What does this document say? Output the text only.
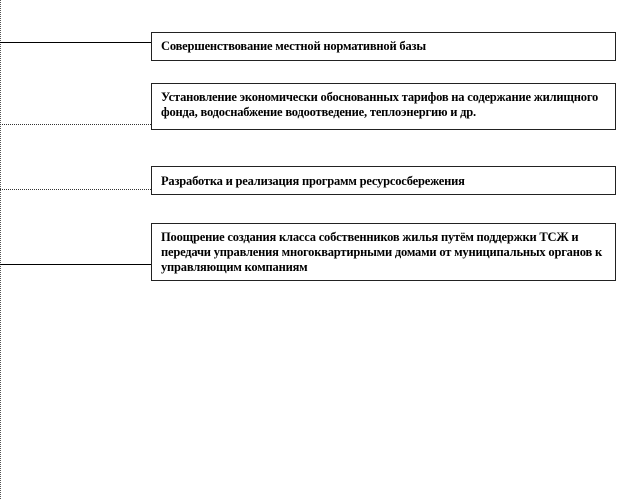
Совершенствование местной нормативной базы
Установление экономически обоснованных тарифов на содержание жилищного фонда, водоснабжение водоотведение, теплоэнергию и др.
Разработка и реализация программ ресурсосбережения
Поощрение создания класса собственников жилья путём поддержки ТСЖ и передачи управления многоквартирными домами от муниципальных органов к управляющим компаниям
